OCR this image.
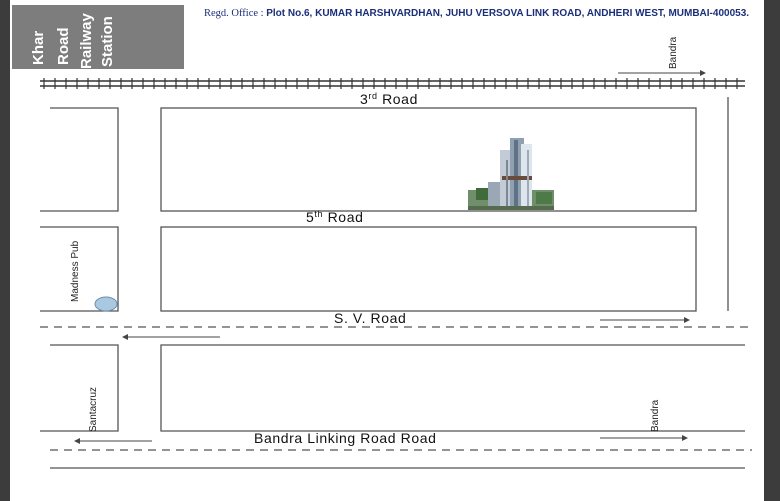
Khar Road Railway Station
Regd. Office : Plot No.6, KUMAR HARSHVARDHAN, JUHU VERSOVA LINK ROAD, ANDHERI WEST, MUMBAI-400053.
Bandra
3rd Road
5th Road
S. V. Road
Bandra Linking Road Road
Bandra
Santacruz
Madness Pub
